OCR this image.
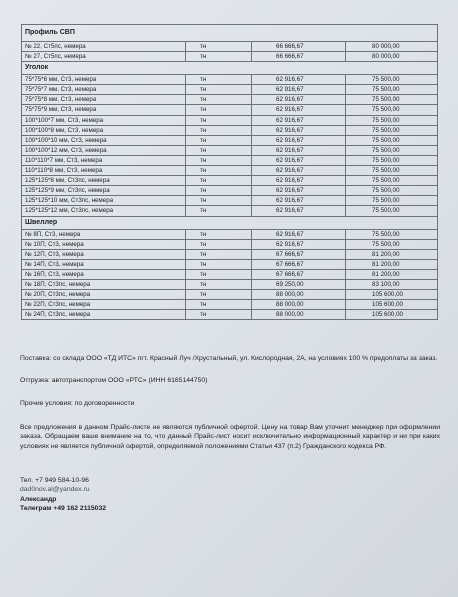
Профиль СВП			
№ 22, Ст5пс, немера	тн	66 666,67	80 000,00
№ 27, Ст5пс, немера	тн	66 666,67	80 000,00
Уголок			
75*75*6 мм, Ст3, немера	тн	62 916,67	75 500,00
75*75*7 мм, Ст3, немера	тн	62 916,67	75 500,00
75*75*8 мм, Ст3, немера	тн	62 916,67	75 500,00
75*75*9 мм, Ст3, немера	тн	62 916,67	75 500,00
100*100*7 мм, Ст3, немера	тн	62 916,67	75 500,00
100*100*8 мм, Ст3, немера	тн	62 916,67	75 500,00
100*100*10 мм, Ст3, немера	тн	62 916,67	75 500,00
100*100*12 мм, Ст3, немера	тн	62 916,67	75 500,00
110*110*7 мм, Ст3, немера	тн	62 916,67	75 500,00
110*110*8 мм, Ст3, немера	тн	62 916,67	75 500,00
125*125*8 мм, Ст3пс, немера	тн	62 916,67	75 500,00
125*125*9 мм, Ст3пс, немера	тн	62 916,67	75 500,00
125*125*10 мм, Ст3пс, немера	тн	62 916,67	75 500,00
125*125*12 мм, Ст3пс, немера	тн	62 916,67	75 500,00
Швеллер			
№ 8П, Ст3, немера	тн	62 916,67	75 500,00
№ 10П, Ст3, немера	тн	62 916,67	75 500,00
№ 12П, Ст3, немера	тн	67 666,67	81 200,00
№ 14П, Ст3, немера	тн	67 666,67	81 200,00
№ 16П, Ст3, немера	тн	67 666,67	81 200,00
№ 18П, Ст3пс, немера	тн	69 250,00	83 100,00
№ 20П, Ст3пс, немера	тн	88 000,00	105 600,00
№ 22П, Ст3пс, немера	тн	88 000,00	105 600,00
№ 24П, Ст3пс, немера	тн	88 000,00	105 600,00

Поставка: со склада ООО «ТД ИТС» пгт. Красный Луч /Хрустальный, ул. Кислородная, 2А, на условиях 100 % предоплаты за заказ.

Отгрузка: автотранспортом ООО «РТС» (ИНН 6165144750)

Прочие условия: по договоренности

Все предложения в данном Прайс-листе не являются публичной офертой. Цену на товар Вам уточнит менеджер при оформлении заказа. Обращаем ваше внимание на то, что данный Прайс-лист носит исключительно информационный характер и ни при каких условиях не является публичной офертой, определяемой положениями Статьи 437 (п.2) Гражданского кодекса РФ.

Тел. +7 949 584-10-96
dad0nov.al@yandex.ru
Александр
Телеграм +49 162 2115032
